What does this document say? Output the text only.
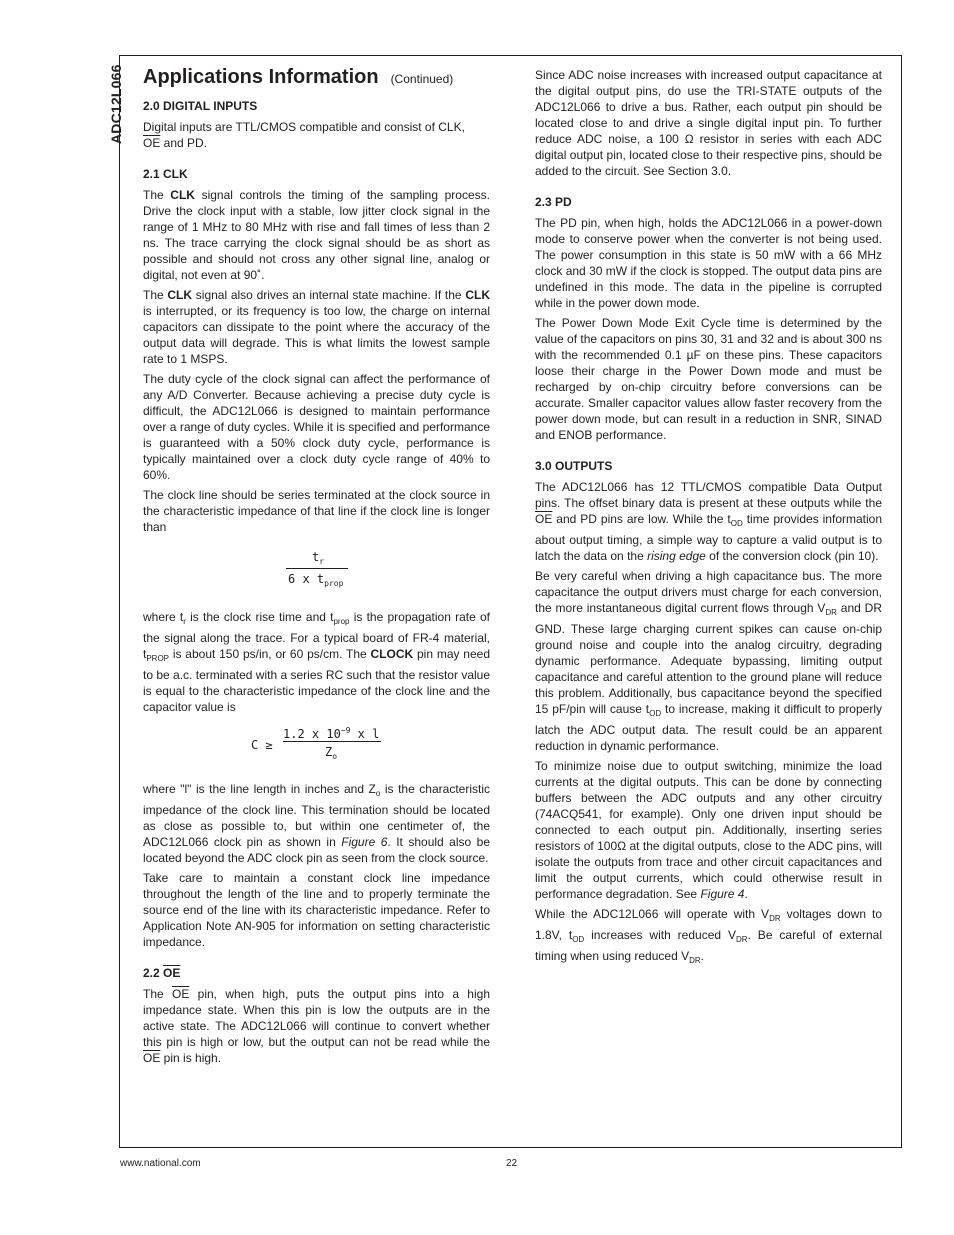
ADC12L066 Applications Information (Continued)
2.0 DIGITAL INPUTS

Digital inputs are TTL/CMOS compatible and consist of CLK,
$\overline{OE}$ and PD.

2.1 CLK

The CLK signal controls the timing of the sampling process. Drive the clock input with a stable, low jitter clock signal in the range of 1 MHz to 80 MHz with rise and fall times of less than 2 ns. The trace carrying the clock signal should be as short as possible and should not cross any other signal line, analog or digital, not even at 90˚.

The CLK signal also drives an internal state machine. If the CLK is interrupted, or its frequency is too low, the charge on internal capacitors can dissipate to the point where the accuracy of the output data will degrade. This is what limits the lowest sample rate to 1 MSPS.

The duty cycle of the clock signal can affect the performance of any A/D Converter. Because achieving a precise duty cycle is difficult, the ADC12L066 is designed to maintain performance over a range of duty cycles. While it is specified and performance is guaranteed with a 50% clock duty cycle, performance is typically maintained over a clock duty cycle range of 40% to 60%.

The clock line should be series terminated at the clock source in the characteristic impedance of that line if the clock line is longer than

$t_r$
6 x $t_{prop}$

where $t_r$ is the clock rise time and $t_{prop}$ is the propagation rate of the signal along the trace. For a typical board of FR-4 material, $t_{PROP}$ is about 150 ps/in, or 60 ps/cm. The CLOCK pin may need to be a.c. terminated with a series RC such that the resistor value is equal to the characteristic impedance of the clock line and the capacitor value is

C ≥
1.2 x $10^{-9}$ x l
$Z_o$

where "l" is the line length in inches and $Z_o$ is the characteristic impedance of the clock line. This termination should be located as close as possible to, but within one centimeter of, the ADC12L066 clock pin as shown in Figure 6. It should also be located beyond the ADC clock pin as seen from the clock source.

Take care to maintain a constant clock line impedance throughout the length of the line and to properly terminate the source end of the line with its characteristic impedance. Refer to Application Note AN-905 for information on setting characteristic impedance.

2.2 OE

The $\overline{OE}$ pin, when high, puts the output pins into a high impedance state. When this pin is low the outputs are in the active state. The ADC12L066 will continue to convert whether this pin is high or low, but the output can not be read while the $\overline{OE}$ pin is high.

Since ADC noise increases with increased output capacitance at the digital output pins, do use the TRI-STATE outputs of the ADC12L066 to drive a bus. Rather, each output pin should be located close to and drive a single digital input pin. To further reduce ADC noise, a 100 Ω resistor in series with each ADC digital output pin, located close to their respective pins, should be added to the circuit. See Section 3.0.

2.3 PD

The PD pin, when high, holds the ADC12L066 in a power-down mode to conserve power when the converter is not being used. The power consumption in this state is 50 mW with a 66 MHz clock and 30 mW if the clock is stopped. The output data pins are undefined in this mode. The data in the pipeline is corrupted while in the power down mode.

The Power Down Mode Exit Cycle time is determined by the value of the capacitors on pins 30, 31 and 32 and is about 300 ns with the recommended 0.1 µF on these pins. These capacitors loose their charge in the Power Down mode and must be recharged by on-chip circuitry before conversions can be accurate. Smaller capacitor values allow faster recovery from the power down mode, but can result in a reduction in SNR, SINAD and ENOB performance.

3.0 OUTPUTS

The ADC12L066 has 12 TTL/CMOS compatible Data Output pins. The offset binary data is present at these outputs while the $\overline{OE}$ and PD pins are low. While the $t_{OD}$ time provides information about output timing, a simple way to capture a valid output is to latch the data on the rising edge of the conversion clock (pin 10).

Be very careful when driving a high capacitance bus. The more capacitance the output drivers must charge for each conversion, the more instantaneous digital current flows through $V_{DR}$ and DR GND. These large charging current spikes can cause on-chip ground noise and couple into the analog circuitry, degrading dynamic performance. Adequate bypassing, limiting output capacitance and careful attention to the ground plane will reduce this problem. Additionally, bus capacitance beyond the specified 15 pF/pin will cause $t_{OD}$ to increase, making it difficult to properly latch the ADC output data. The result could be an apparent reduction in dynamic performance.

To minimize noise due to output switching, minimize the load currents at the digital outputs. This can be done by connecting buffers between the ADC outputs and any other circuitry (74ACQ541, for example). Only one driven input should be connected to each output pin. Additionally, inserting series resistors of 100Ω at the digital outputs, close to the ADC pins, will isolate the outputs from trace and other circuit capacitances and limit the output currents, which could otherwise result in performance degradation. See Figure 4.

While the ADC12L066 will operate with $V_{DR}$ voltages down to 1.8V, $t_{OD}$ increases with reduced $V_{DR}$. Be careful of external timing when using reduced $V_{DR}$.

www.national.com	22
